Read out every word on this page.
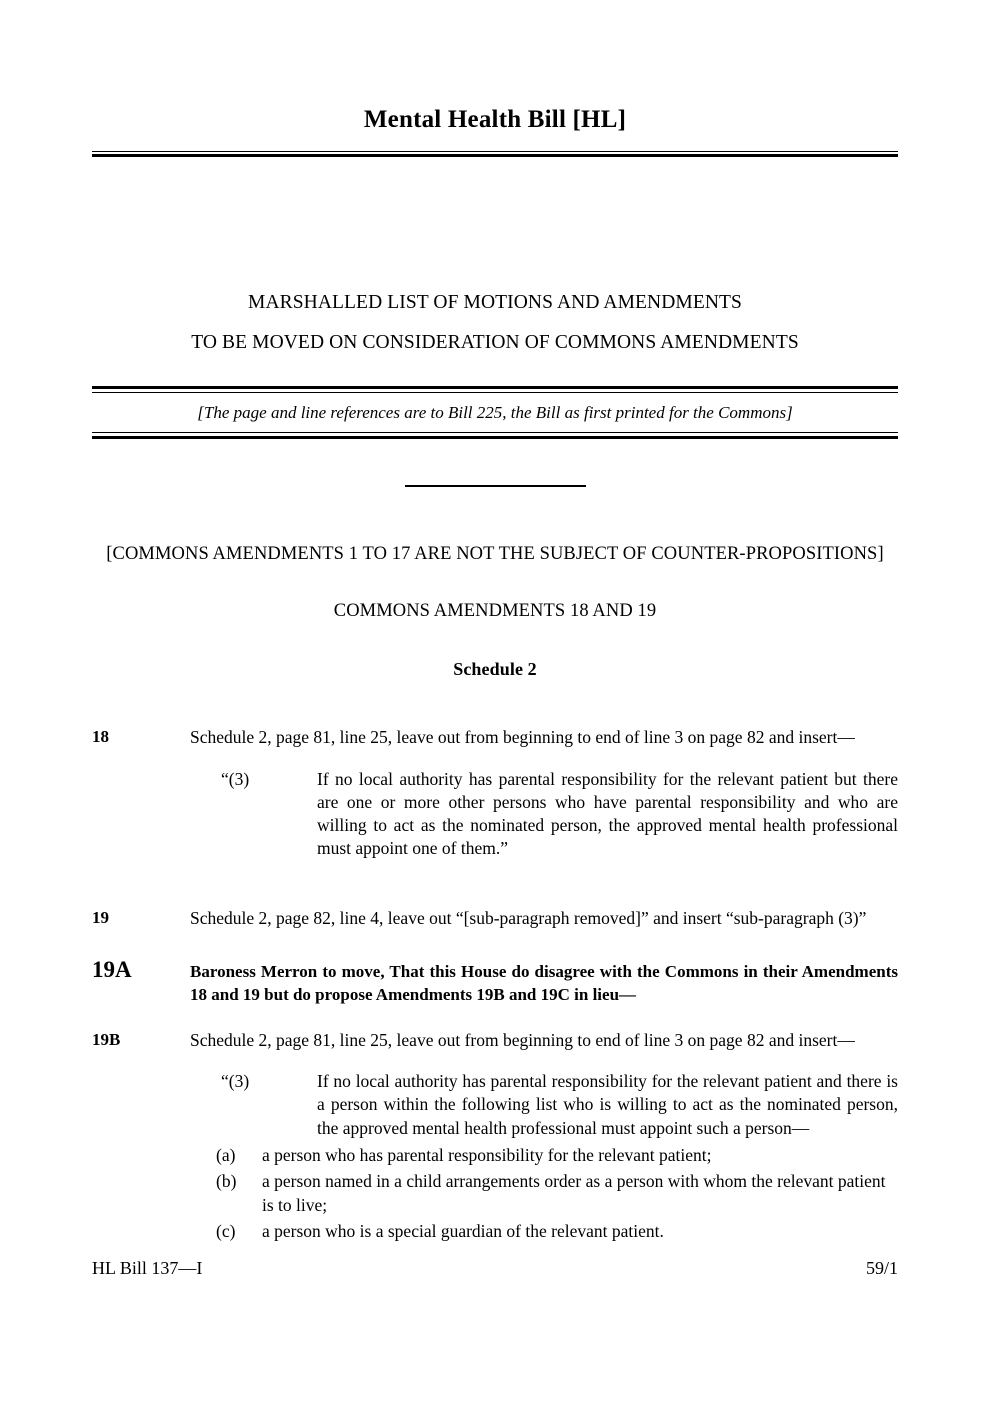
Mental Health Bill [HL]
MARSHALLED LIST OF MOTIONS AND AMENDMENTS
TO BE MOVED ON CONSIDERATION OF COMMONS AMENDMENTS
[The page and line references are to Bill 225, the Bill as first printed for the Commons]
[COMMONS AMENDMENTS 1 TO 17 ARE NOT THE SUBJECT OF COUNTER-PROPOSITIONS]
COMMONS AMENDMENTS 18 AND 19
Schedule 2
18	Schedule 2, page 81, line 25, leave out from beginning to end of line 3 on page 82 and insert—
“(3)	If no local authority has parental responsibility for the relevant patient but there are one or more other persons who have parental responsibility and who are willing to act as the nominated person, the approved mental health professional must appoint one of them.”
19	Schedule 2, page 82, line 4, leave out “[sub-paragraph removed]” and insert “sub-paragraph (3)”
19A	Baroness Merron to move, That this House do disagree with the Commons in their Amendments 18 and 19 but do propose Amendments 19B and 19C in lieu—
19B	Schedule 2, page 81, line 25, leave out from beginning to end of line 3 on page 82 and insert—
“(3)	If no local authority has parental responsibility for the relevant patient and there is a person within the following list who is willing to act as the nominated person, the approved mental health professional must appoint such a person—
(a)	a person who has parental responsibility for the relevant patient;
(b)	a person named in a child arrangements order as a person with whom the relevant patient is to live;
(c)	a person who is a special guardian of the relevant patient.
HL Bill 137—I	59/1
